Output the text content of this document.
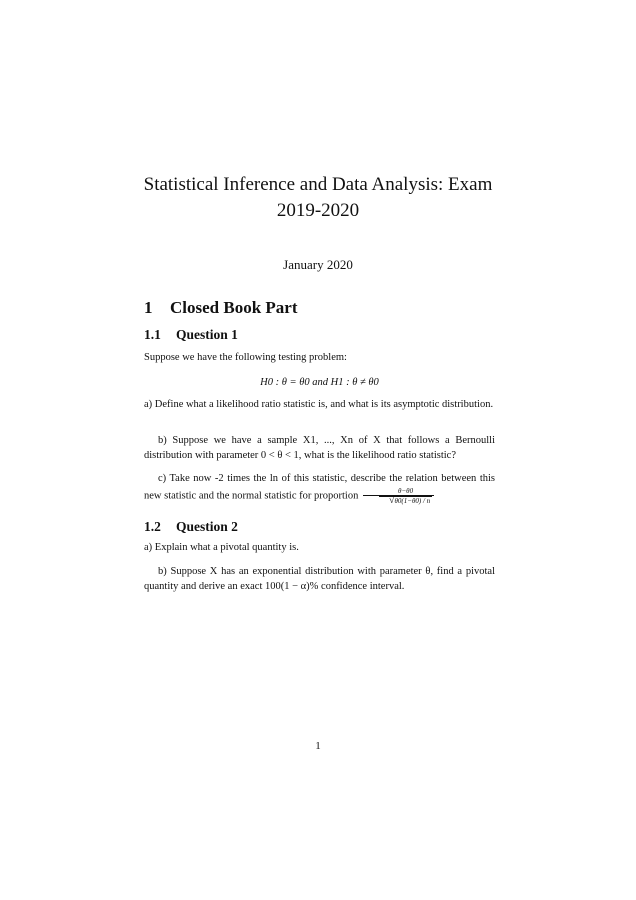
Statistical Inference and Data Analysis: Exam
2019-2020
January 2020
1 Closed Book Part
1.1 Question 1
Suppose we have the following testing problem:
H0 : θ = θ0 and H1 : θ ≠ θ0
a) Define what a likelihood ratio statistic is, and what is its asymptotic distribution.
b) Suppose we have a sample X1, ..., Xn of X that follows a Bernoulli distribution with parameter 0 < θ < 1, what is the likelihood ratio statistic?
c) Take now -2 times the ln of this statistic, describe the relation between this new statistic and the normal statistic for proportion θ−θ0
√ θ0(1−θ0) / n
1.2 Question 2
a) Explain what a pivotal quantity is.
b) Suppose X has an exponential distribution with parameter θ, find a pivotal quantity and derive an exact 100(1 − α)% confidence interval.
1
